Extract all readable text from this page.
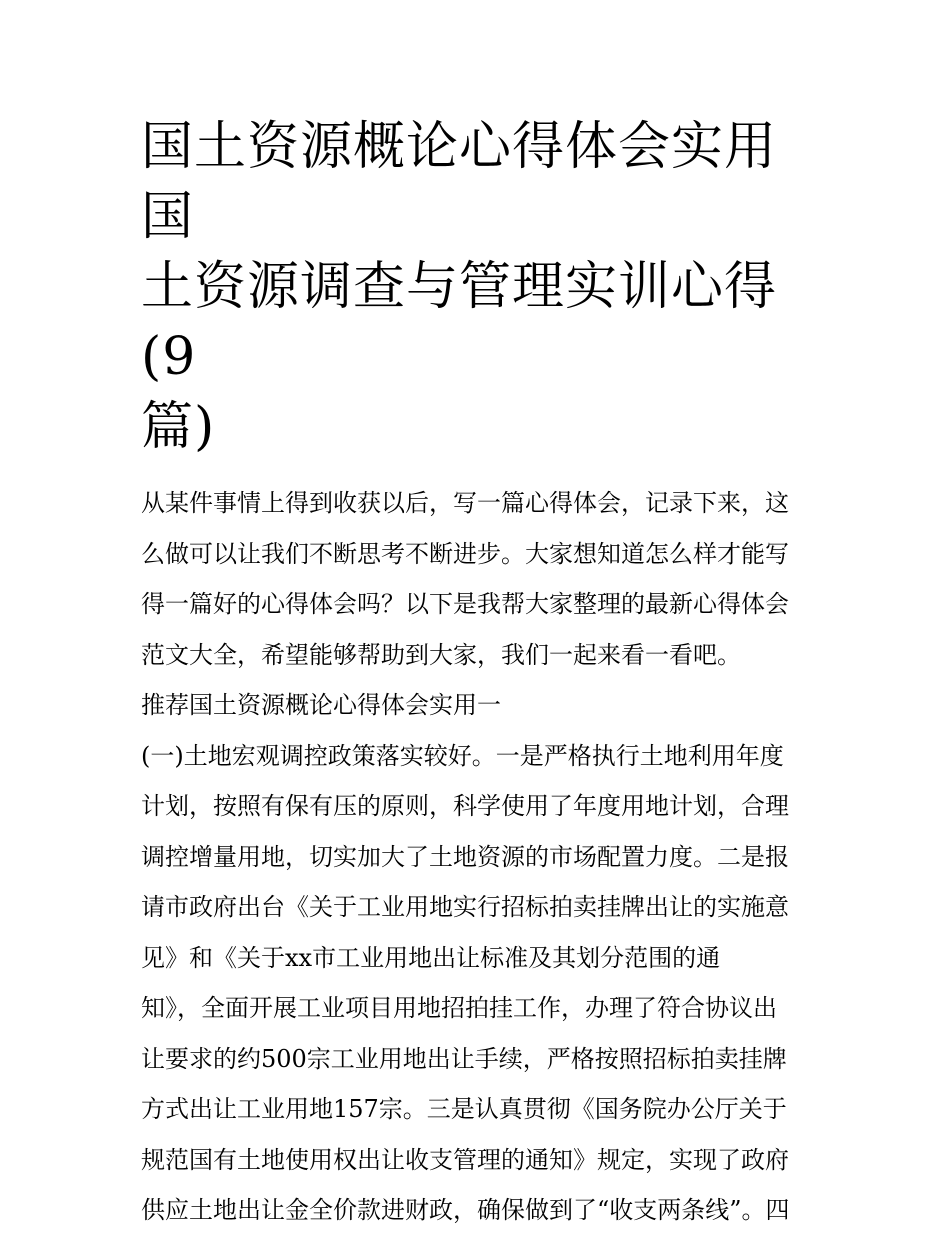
国土资源概论心得体会实用 国
土资源调查与管理实训心得(9
篇)
从某件事情上得到收获以后，写一篇心得体会，记录下来，这
么做可以让我们不断思考不断进步。大家想知道怎么样才能写
得一篇好的心得体会吗？以下是我帮大家整理的最新心得体会
范文大全，希望能够帮助到大家，我们一起来看一看吧。
推荐国土资源概论心得体会实用一
(一)土地宏观调控政策落实较好。一是严格执行土地利用年度
计划，按照有保有压的原则，科学使用了年度用地计划，合理
调控增量用地，切实加大了土地资源的市场配置力度。二是报
请市政府出台《关于工业用地实行招标拍卖挂牌出让的实施意
见》和《关于xx市工业用地出让标准及其划分范围的通
知》，全面开展工业项目用地招拍挂工作，办理了符合协议出
让要求的约500宗工业用地出让手续，严格按照招标拍卖挂牌
方式出让工业用地157宗。三是认真贯彻《国务院办公厅关于
规范国有土地使用权出让收支管理的通知》规定，实现了政府
供应土地出让金全价款进财政，确保做到了“收支两条线”。四
